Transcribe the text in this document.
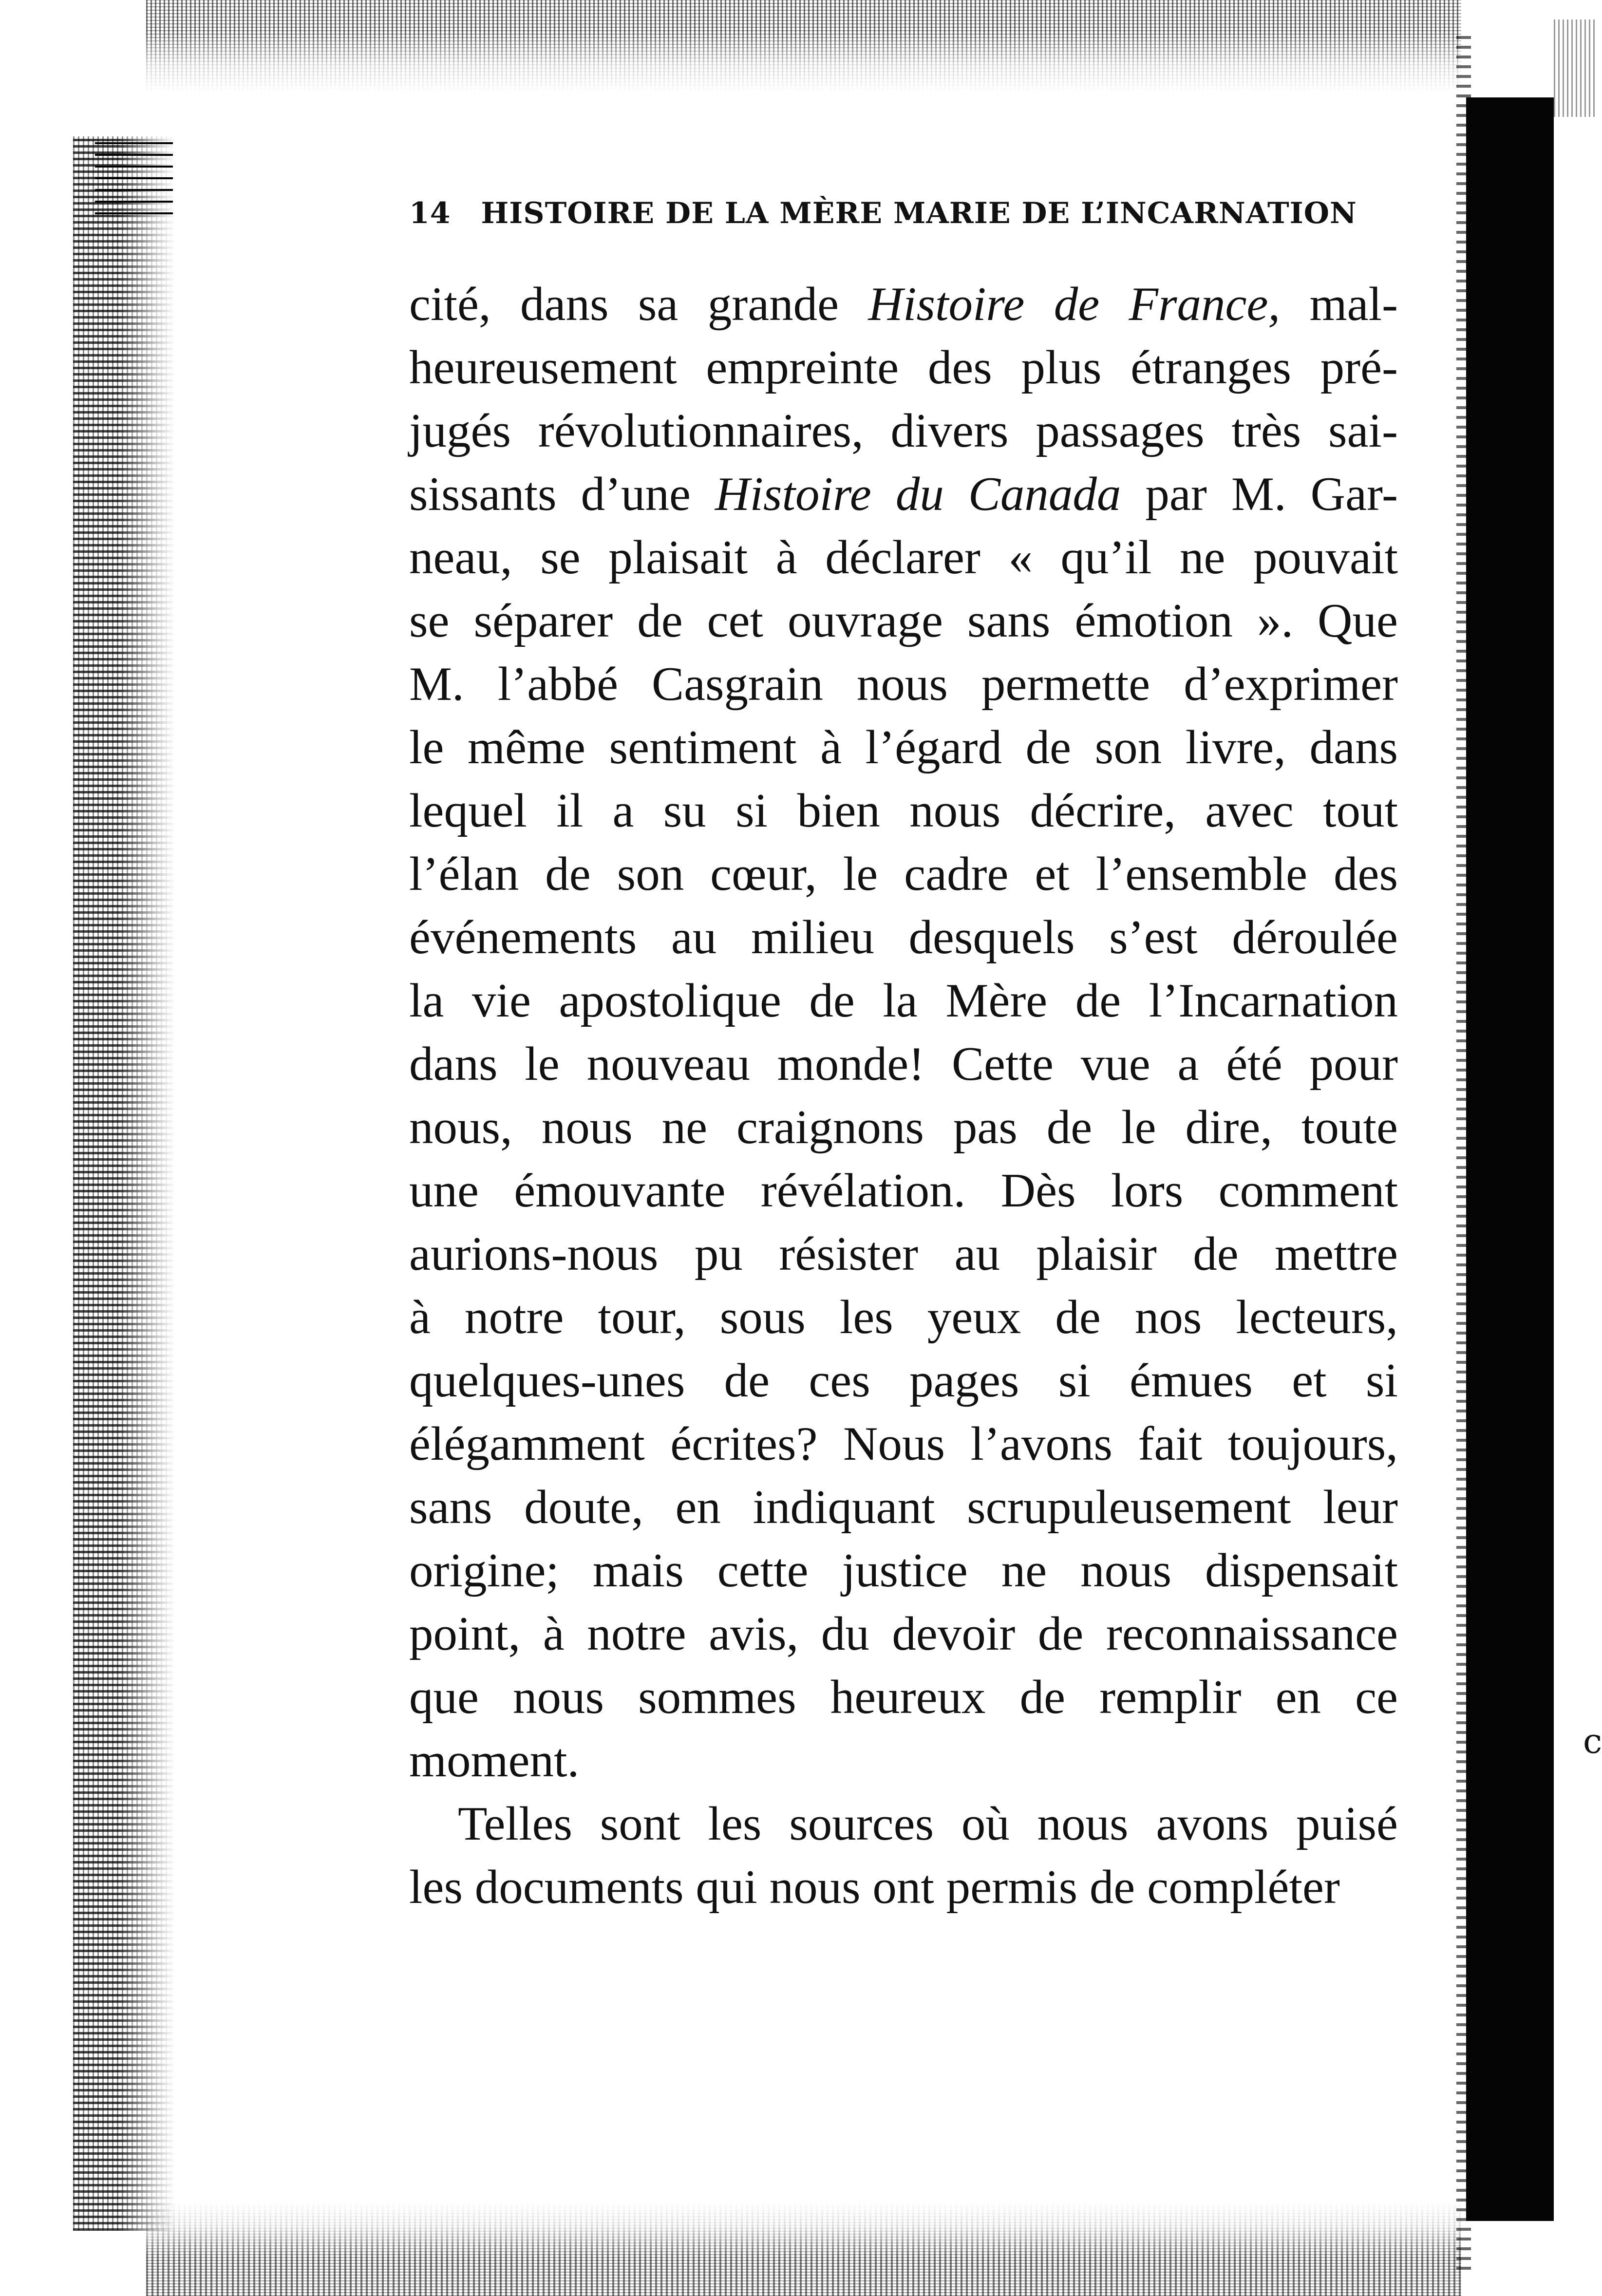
c
14 HISTOIRE DE LA MÈRE MARIE DE L’INCARNATION
cité, dans sa grande Histoire de France, mal-
heureusement empreinte des plus étranges pré-
jugés révolutionnaires, divers passages très sai-
sissants d’une Histoire du Canada par M. Gar-
neau, se plaisait à déclarer « qu’il ne pouvait
se séparer de cet ouvrage sans émotion ». Que
M. l’abbé Casgrain nous permette d’exprimer
le même sentiment à l’égard de son livre, dans
lequel il a su si bien nous décrire, avec tout
l’élan de son cœur, le cadre et l’ensemble des
événements au milieu desquels s’est déroulée
la vie apostolique de la Mère de l’Incarnation
dans le nouveau monde! Cette vue a été pour
nous, nous ne craignons pas de le dire, toute
une émouvante révélation. Dès lors comment
aurions-nous pu résister au plaisir de mettre
à notre tour, sous les yeux de nos lecteurs,
quelques-unes de ces pages si émues et si
élégamment écrites? Nous l’avons fait toujours,
sans doute, en indiquant scrupuleusement leur
origine; mais cette justice ne nous dispensait
point, à notre avis, du devoir de reconnaissance
que nous sommes heureux de remplir en ce
moment.
Telles sont les sources où nous avons puisé
les documents qui nous ont permis de compléter
